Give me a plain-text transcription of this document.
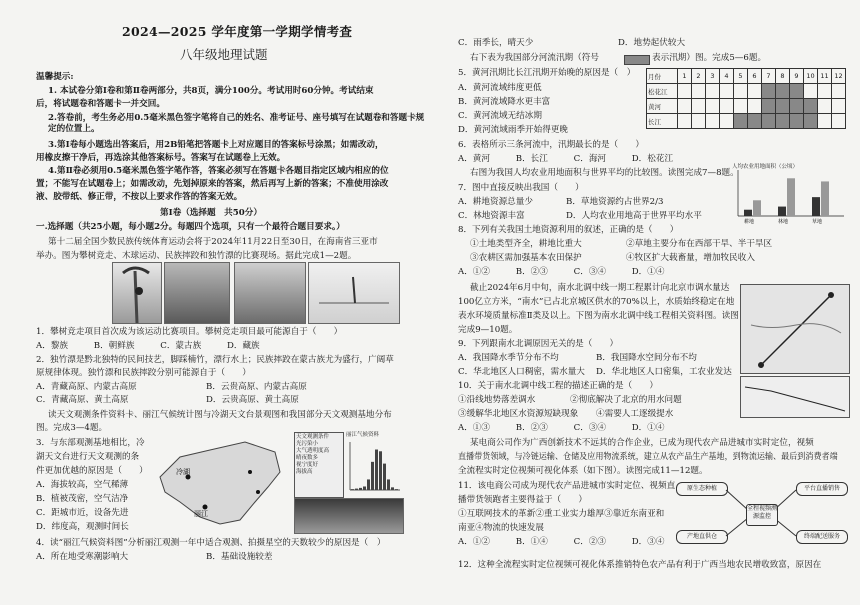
2024—2025 学年度第一学期学情考查
八年级地理试题
温馨提示:
1. 本试卷分第Ⅰ卷和第Ⅱ卷两部分，共8页，满分100分。考试用时60分钟。考试结束
后，将试题卷和答题卡一并交回。
2.答卷前，考生务必用0.5毫米黑色签字笔将自己的姓名、准考证号、座号填写在试题卷和答题卡规定的位置上。
3.第Ⅰ卷每小题选出答案后，用2B铅笔把答题卡上对应题目的答案标号涂黑；如需改动，
用橡皮擦干净后，再选涂其他答案标号。答案写在试题卷上无效。
4.第Ⅱ卷必须用0.5毫米黑色签字笔作答，答案必须写在答题卡各题目指定区域内相应的位
置；不能写在试题卷上；如需改动，先划掉原来的答案，然后再写上新的答案；不准使用涂改
液、胶带纸、修正带，不按以上要求作答的答案无效。
第Ⅰ卷（选择题　共50分）
一.选择题（共25小题，每小题2分。每题四个选项，只有一个最符合题目要求。）
第十二届全国少数民族传统体育运动会将于2024年11月22日至30日，在海南省三亚市
举办。图为攀树竞走、木球运动、民族摔跤和独竹漂的比赛现场。据此完成1—2题。
1．攀树竞走项目首次成为该运动比赛项目。攀树竞走项目最可能源自于（　　）
A．黎族　　　B．朝鲜族　　　C．蒙古族　　　D．藏族
2．独竹漂是黔北独特的民间技艺，脚踩楠竹，漂行水上；民族摔跤在蒙古族尤为盛行，广阔草
原规律体现。独竹漂和民族摔跤分别可能源自于（　　）
A．青藏高原、内蒙古高原	B．云贵高原、内蒙古高原
C．青藏高原、黄土高原	D．云贵高原、黄土高原
读天文观测条件资料卡、丽江气候统计图与冷湖天文台景观图和我国部分天文观测基地分布
图。完成3—4题。
3．与东部观测基地相比，冷
湖天文台进行天文观测的条
件更加优越的原因是（　　）
A．海拔较高，空气稀薄
B．植被茂密，空气洁净
C．距城市近，设备先进
D．纬度高，观测时间长
冷湖
丽江
天文观测条件
光污染小
大气透明度高
晴夜数多
视宁度好
海拔高
丽江气候资料
4．读“丽江气候资料图”分析丽江观测一年中适合观测、拍摄星空的天数较少的原因是（　）
A．所在地受寒潮影响大	B．基础设施较差
C．雨季长，晴天少	D．地势起伏较大
右下表为我国部分河流汛期（符号	表示汛期）图。完成5—6题。
5．黄河汛期比长江汛期开始晚的原因是（　）
A．黄河流域纬度更低
B．黄河流域降水更丰富
C．黄河流域无结冰期
D．黄河流域雨季开始得更晚
月份	1	2	3	4	5	6	7	8	9	10	11	12
松花江												
黄河												
长江												
6．表格所示三条河流中，汛期最长的是（　　）
A．黄河　　　B．长江　　　C．海河　　　D．松花江
右图为我国人均农业用地面积与世界平均的比较图。读图完成7—8题。
人均农业用地面积（公顷）
耕地	林地	草地
7．图中直接反映出我国（　　）
A．耕地资源总量少	B．草地资源约占世界2/3
C．林地资源丰富	D．人均农业用地高于世界平均水平
8．下列有关我国土地资源利用的叙述，正确的是（　　）
①土地类型齐全，耕地比重大	②草地主要分布在西部干旱、半干旱区
③农耕区需加强基本农田保护	④牧区扩大载畜量，增加牧民收入
A．①②　　　B．②③　　　C．③④　　　D．①④
截止2024年6月中旬，南水北调中线一期工程累计向北京市调水量达
100亿立方米，“南水”已占北京城区供水的70%以上，水质始终稳定在地
表水环境质量标准Ⅱ类及以上。下图为南水北调中线工程相关资料图。读图
完成9—10题。
9．下列跟南水北调原因无关的是（　　）
A．我国降水季节分布不均	B．我国降水空间分布不均
C．华北地区人口稠密，需水量大 D．华北地区人口密集，工农业发达
10．关于南水北调中线工程的描述正确的是（　　）
①沿线地势落差调水	②彻底解决了北京的用水问题
③缓解华北地区水资源短缺现象 ④需要人工逐级提水
A．①③　　　B．②③　　　C．③④　　　D．①④
某电商公司作为广西创新技术不远其的合作企业，已成为现代农产品进城市实时定位，视频
直播带货领域，与冷链运输、仓储及应用物流系统，建立从农产品生产基地，到物流运输、最后到消费者端
全流程实时定位视频可视化体系（如下图）。读图完成11—12题。
11．该电商公司成为现代农产品进城市实时定位、视频直
播带货领跑者主要得益于（　　）
①互联网技术的革新②重工业实力雄厚③靠近东南亚和
南亚④物流的快速发展
A．①②　　　B．①④　　　C．②③　　　D．③④
全程视频溯源监控
原生态种植	平台直播销售
产地直供仓	终端配送服务
12．这种全流程实时定位视频可视化体系推销特色农产品有利于广西当地农民增收致富，原因在
